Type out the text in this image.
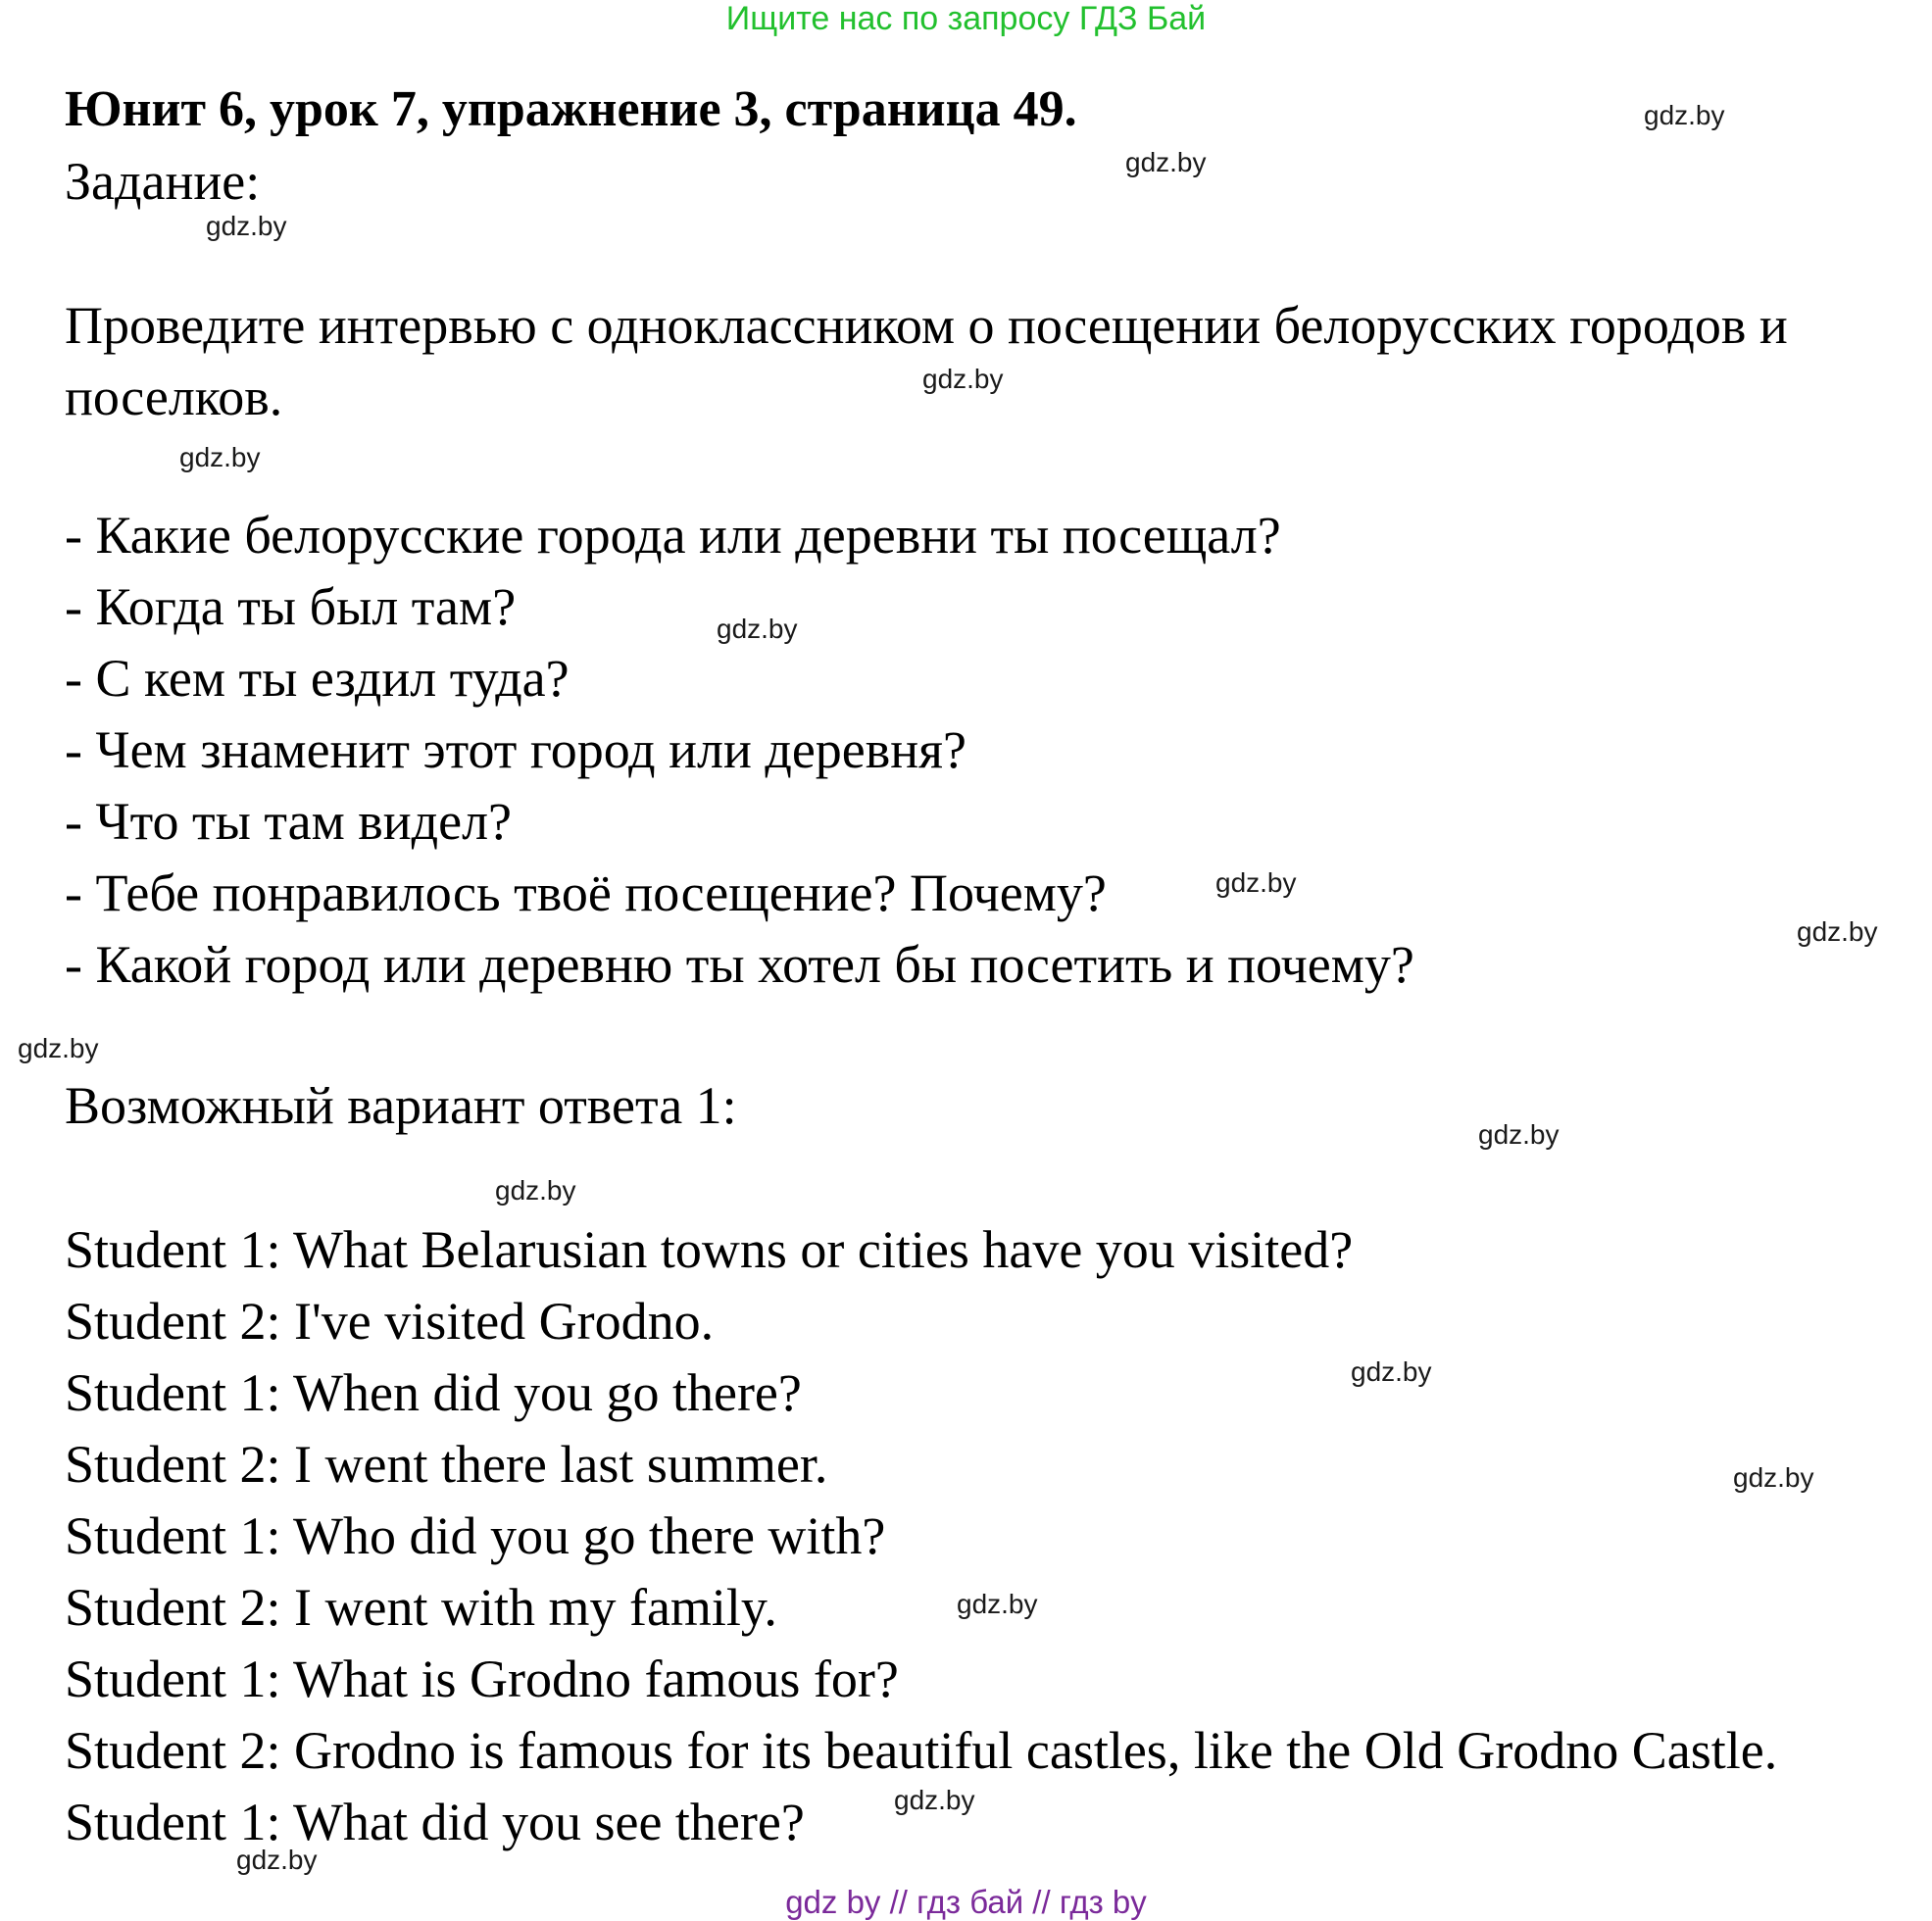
Ищите нас по запросу ГДЗ Бай
Юнит 6, урок 7, упражнение 3, страница 49.
Задание:
Проведите интервью с одноклассником о посещении белорусских городов и поселков.
- Какие белорусские города или деревни ты посещал?
- Когда ты был там?
- С кем ты ездил туда?
- Чем знаменит этот город или деревня?
- Что ты там видел?
- Тебе понравилось твоё посещение? Почему?
- Какой город или деревню ты хотел бы посетить и почему?
Возможный вариант ответа 1:
Student 1: What Belarusian towns or cities have you visited?
Student 2: I've visited Grodno.
Student 1: When did you go there?
Student 2: I went there last summer.
Student 1: Who did you go there with?
Student 2: I went with my family.
Student 1: What is Grodno famous for?
Student 2: Grodno is famous for its beautiful castles, like the Old Grodno Castle.
Student 1: What did you see there?
gdz.by
gdz.by
gdz.by
gdz.by
gdz.by
gdz.by
gdz.by
gdz.by
gdz.by
gdz.by
gdz.by
gdz.by
gdz.by
gdz.by
gdz.by
gdz.by
gdz by // гдз бай // гдз by
